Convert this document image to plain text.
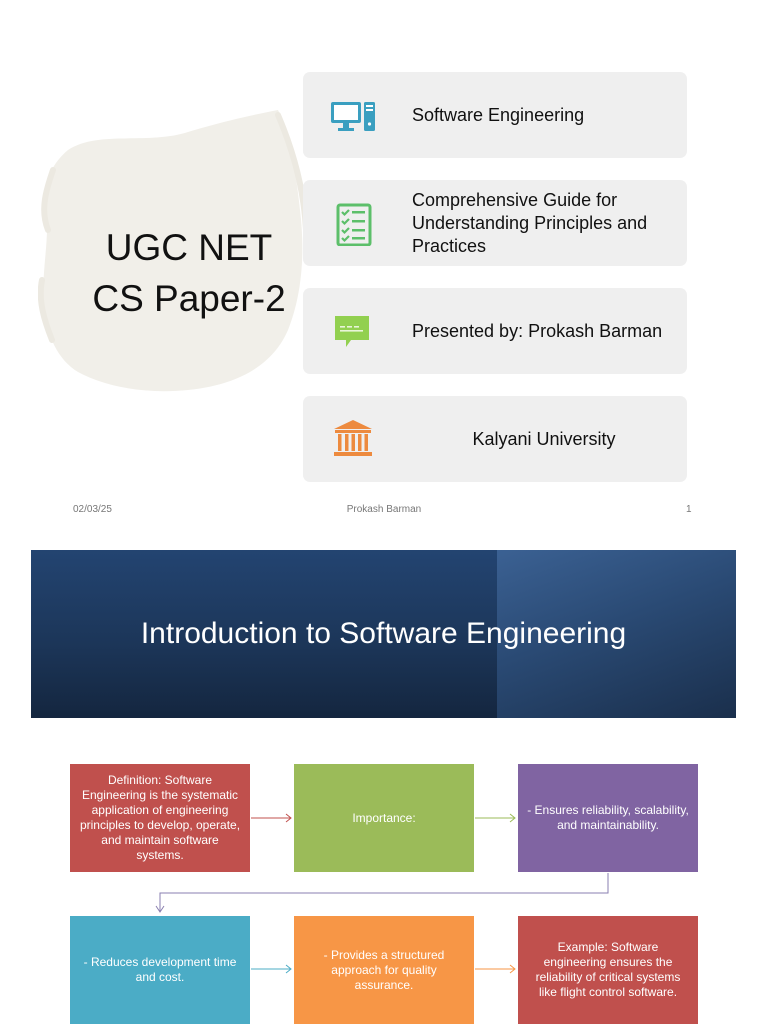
UGC NET
CS Paper-2
Software Engineering
Comprehensive Guide for Understanding Principles and Practices
Presented by: Prokash Barman
Kalyani University
02/03/25	Prokash Barman	1
Introduction to Software Engineering
Definition: Software Engineering is the systematic application of engineering principles to develop, operate, and maintain software systems.
Importance:
- Ensures reliability, scalability, and maintainability.
- Reduces development time and cost.
- Provides a structured approach for quality assurance.
Example: Software engineering ensures the reliability of critical systems like flight control software.
